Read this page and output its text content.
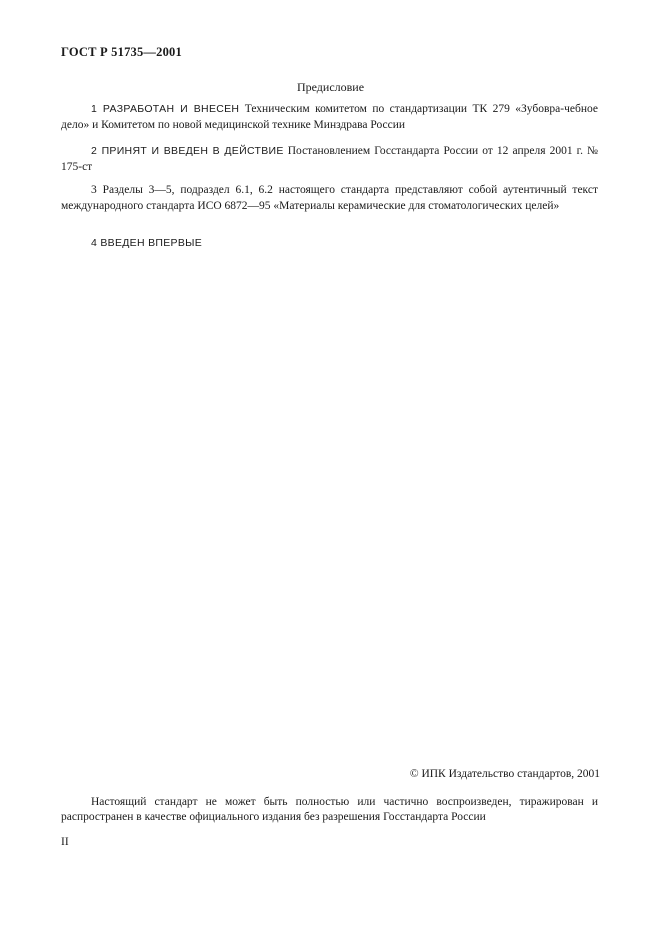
ГОСТ Р 51735—2001
Предисловие
1 РАЗРАБОТАН И ВНЕСЕН Техническим комитетом по стандартизации ТК 279 «Зубовра-чебное дело» и Комитетом по новой медицинской технике Минздрава России
2 ПРИНЯТ И ВВЕДЕН В ДЕЙСТВИЕ Постановлением Госстандарта России от 12 апреля 2001 г. № 175-ст
3 Разделы 3—5, подраздел 6.1, 6.2 настоящего стандарта представляют собой аутентичный текст международного стандарта ИСО 6872—95 «Материалы керамические для стоматологических целей»
4 ВВЕДЕН ВПЕРВЫЕ
© ИПК Издательство стандартов, 2001
Настоящий стандарт не может быть полностью или частично воспроизведен, тиражирован и распространен в качестве официального издания без разрешения Госстандарта России
II
